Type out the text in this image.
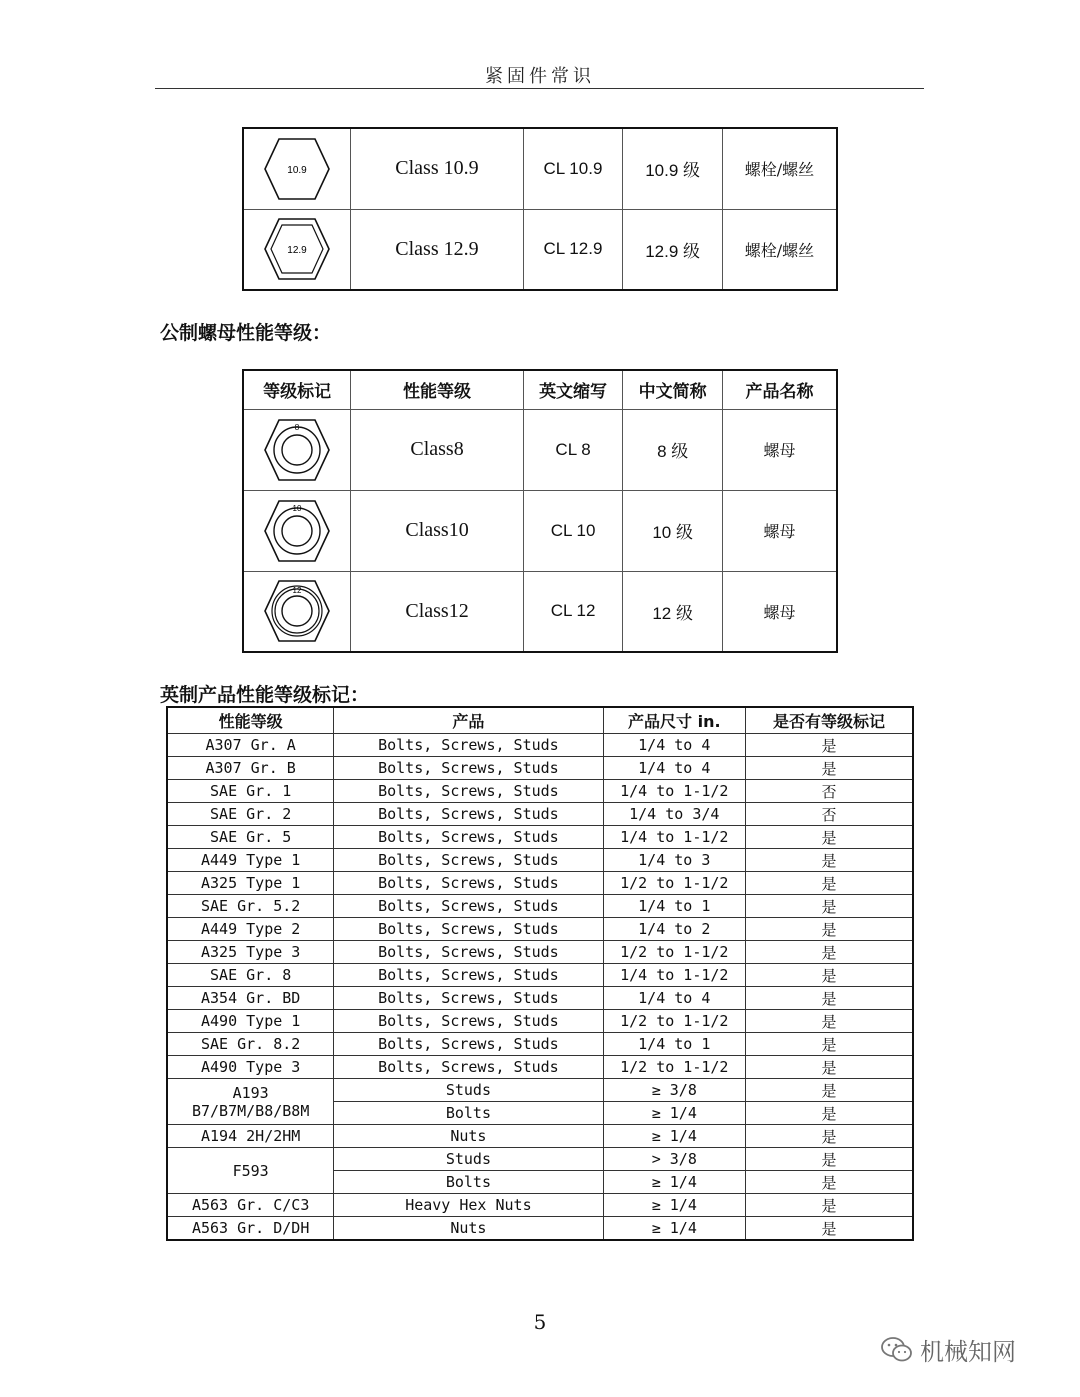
紧固件常识
10.9	Class 10.9	CL 10.9	10.9 级	螺栓/螺丝

12.9	Class 12.9	CL 12.9	12.9 级	螺栓/螺丝
公制螺母性能等级：
等级标记	性能等级	英文缩写	中文简称	产品名称

8	Class8	CL 8	8 级	螺母

10	Class10	CL 10	10 级	螺母

12	Class12	CL 12	12 级	螺母
英制产品性能等级标记：
性能等级	产品	产品尺寸 in.	是否有等级标记
A307 Gr. A	Bolts, Screws, Studs	1/4 to 4	是
A307 Gr. B	Bolts, Screws, Studs	1/4 to 4	是
SAE Gr. 1	Bolts, Screws, Studs	1/4 to 1-1/2	否
SAE Gr. 2	Bolts, Screws, Studs	1/4 to 3/4	否
SAE Gr. 5	Bolts, Screws, Studs	1/4 to 1-1/2	是
A449 Type 1	Bolts, Screws, Studs	1/4 to 3	是
A325 Type 1	Bolts, Screws, Studs	1/2 to 1-1/2	是
SAE Gr. 5.2	Bolts, Screws, Studs	1/4 to 1	是
A449 Type 2	Bolts, Screws, Studs	1/4 to 2	是
A325 Type 3	Bolts, Screws, Studs	1/2 to 1-1/2	是
SAE Gr. 8	Bolts, Screws, Studs	1/4 to 1-1/2	是
A354 Gr. BD	Bolts, Screws, Studs	1/4 to 4	是
A490 Type 1	Bolts, Screws, Studs	1/2 to 1-1/2	是
SAE Gr. 8.2	Bolts, Screws, Studs	1/4 to 1	是
A490 Type 3	Bolts, Screws, Studs	1/2 to 1-1/2	是

A193
B7/B7M/B8/B8M	Studs	≥ 3/8	是
	Bolts	≥ 1/4	是
A194 2H/2HM	Nuts	≥ 1/4	是
F593	Studs	> 3/8	是
	Bolts	≥ 1/4	是
A563 Gr. C/C3	Heavy Hex Nuts	≥ 1/4	是
A563 Gr. D/DH	Nuts	≥ 1/4	是
5
机械知网
